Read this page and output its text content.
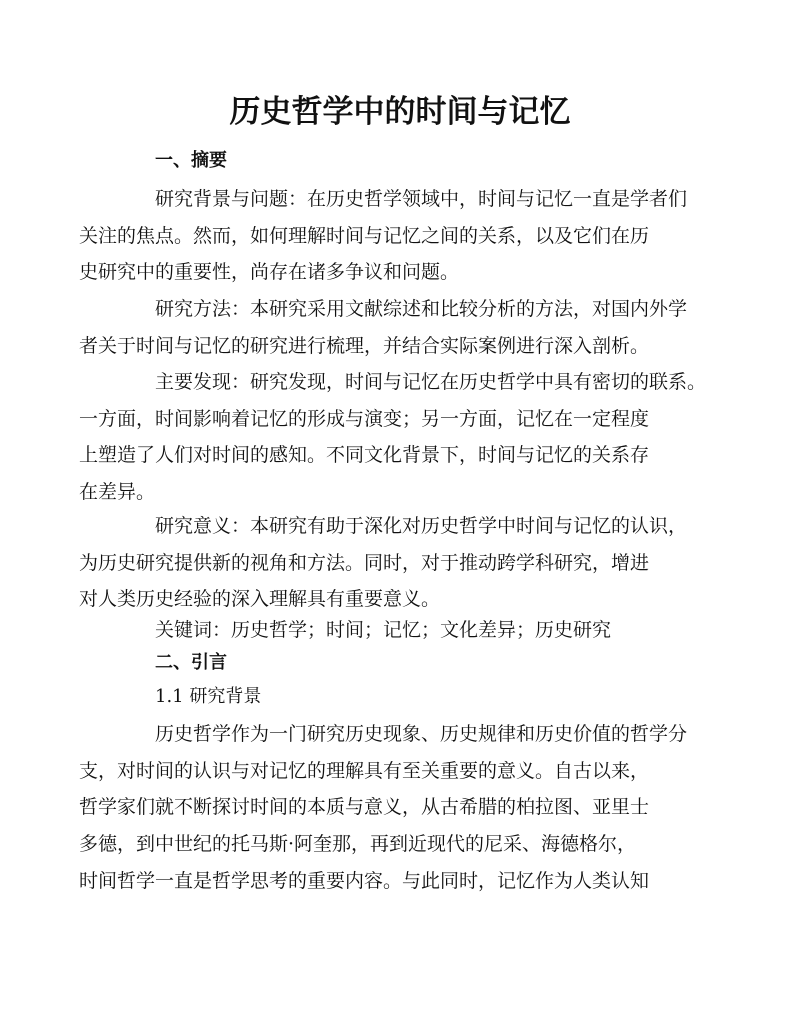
历史哲学中的时间与记忆
一、摘要
研究背景与问题：在历史哲学领域中，时间与记忆一直是学者们
关注的焦点。然而，如何理解时间与记忆之间的关系，以及它们在历
史研究中的重要性，尚存在诸多争议和问题。
研究方法：本研究采用文献综述和比较分析的方法，对国内外学
者关于时间与记忆的研究进行梳理，并结合实际案例进行深入剖析。
主要发现：研究发现，时间与记忆在历史哲学中具有密切的联系。
一方面，时间影响着记忆的形成与演变；另一方面，记忆在一定程度
上塑造了人们对时间的感知。不同文化背景下，时间与记忆的关系存
在差异。
研究意义：本研究有助于深化对历史哲学中时间与记忆的认识，
为历史研究提供新的视角和方法。同时，对于推动跨学科研究，增进
对人类历史经验的深入理解具有重要意义。
关键词：历史哲学；时间；记忆；文化差异；历史研究
二、引言
1.1 研究背景
历史哲学作为一门研究历史现象、历史规律和历史价值的哲学分
支，对时间的认识与对记忆的理解具有至关重要的意义。自古以来，
哲学家们就不断探讨时间的本质与意义，从古希腊的柏拉图、亚里士
多德，到中世纪的托马斯·阿奎那，再到近现代的尼采、海德格尔，
时间哲学一直是哲学思考的重要内容。与此同时，记忆作为人类认知
